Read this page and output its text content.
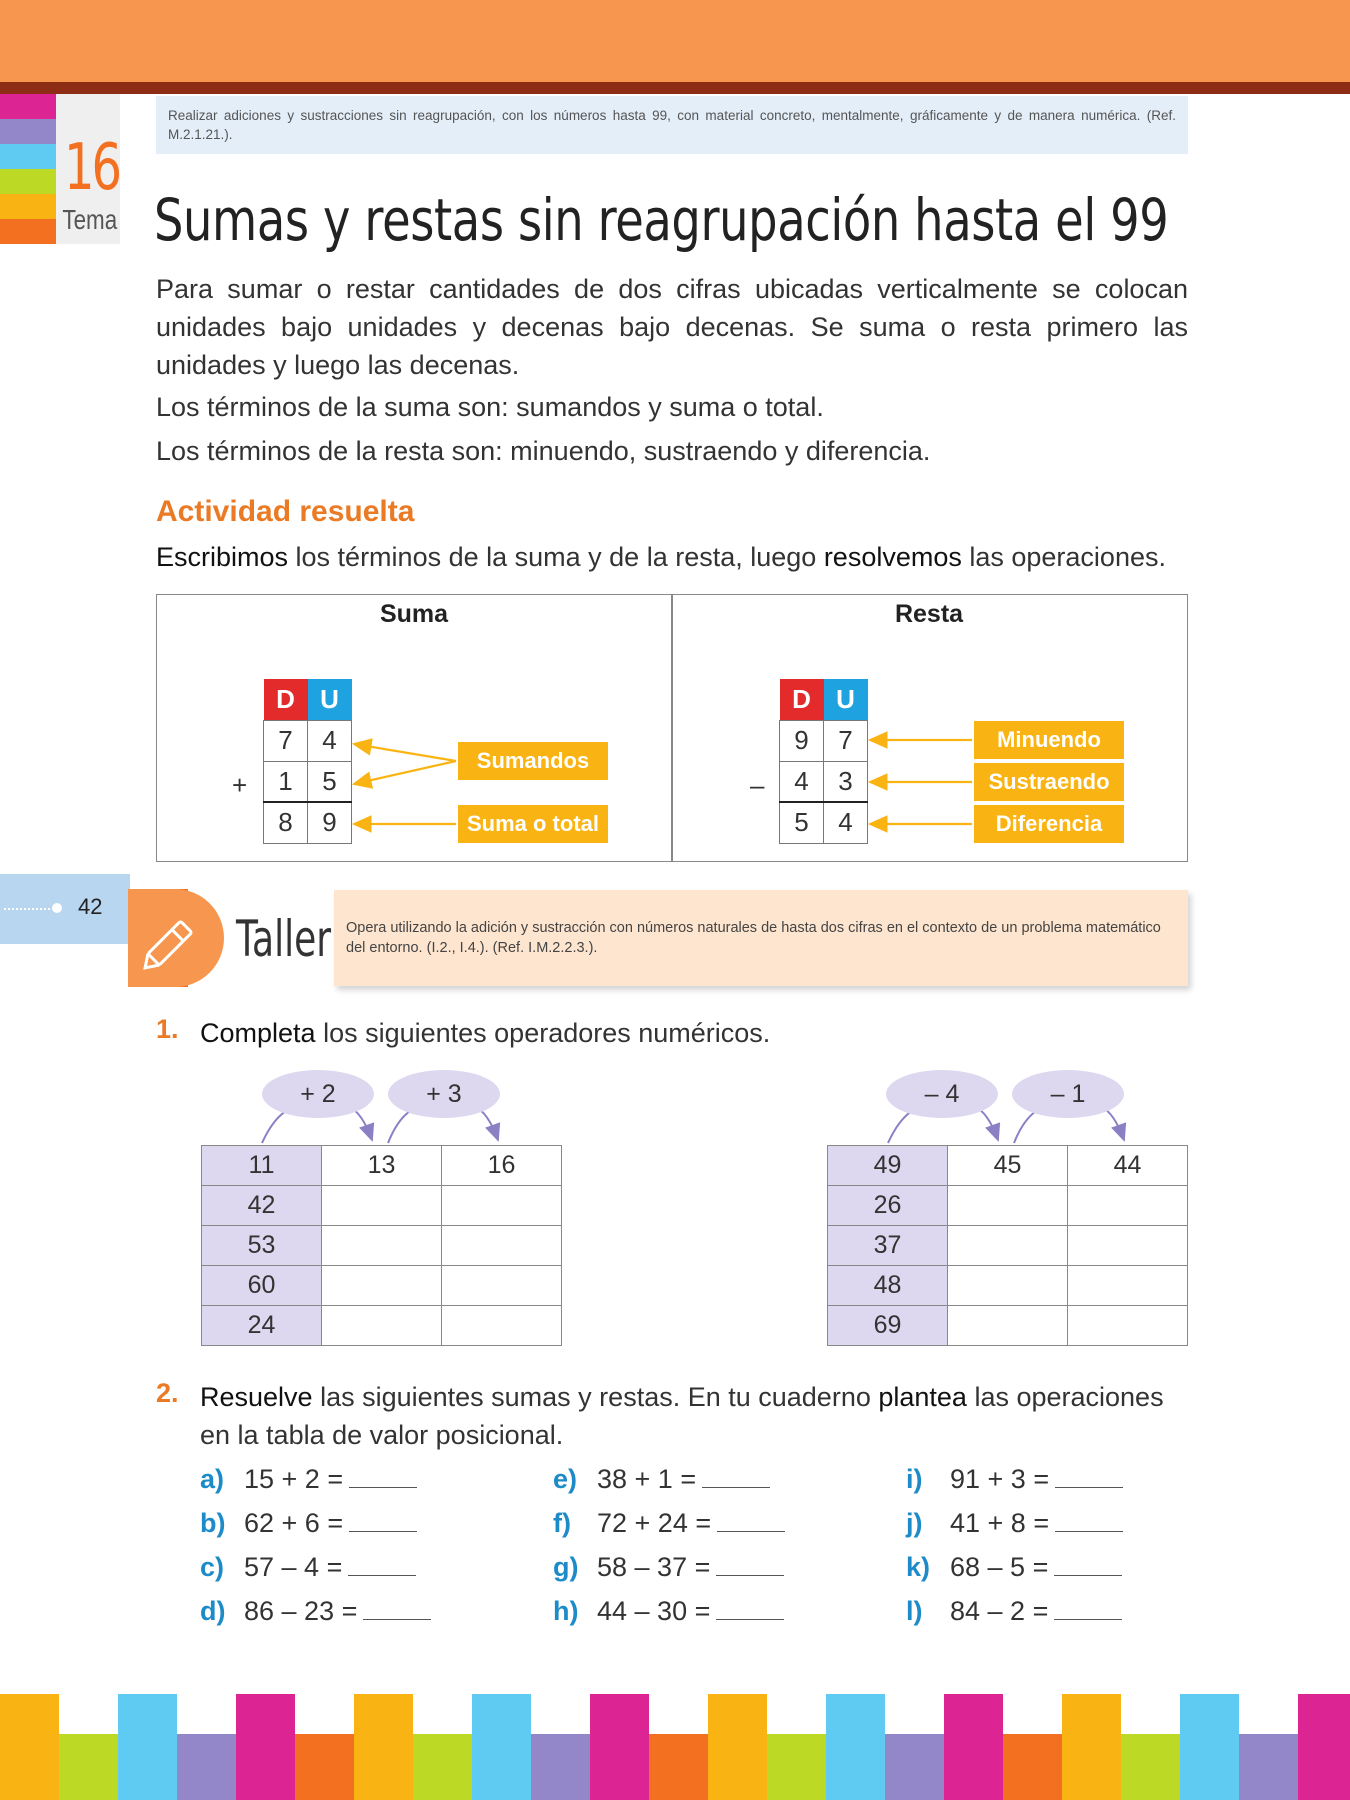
16
Tema
Realizar adiciones y sustracciones sin reagrupación, con los números hasta 99, con material concreto, mentalmente, gráficamente y de manera numérica. (Ref. M.2.1.21.).
Sumas y restas sin reagrupación hasta el 99
Para sumar o restar cantidades de dos cifras ubicadas verticalmente se colocan unidades bajo unidades y decenas bajo decenas. Se suma o resta primero las unidades y luego las decenas.
Los términos de la suma son: sumandos y suma o total.
Los términos de la resta son: minuendo, sustraendo y diferencia.
Actividad resuelta
Escribimos los términos de la suma y de la resta, luego resolvemos las operaciones.
Suma	Resta
D	U
7	4
1	5
8	9
+
Sumandos
Suma o total
D	U
9	7
4	3
5	4
–
Minuendo
Sustraendo
Diferencia
42
Taller	Opera utilizando la adición y sustracción con números naturales de hasta dos cifras en el contexto de un problema matemático del entorno. (I.2., I.4.). (Ref. I.M.2.2.3.).
1. Completa los siguientes operadores numéricos.
+ 2	+ 3	– 4	– 1
11	13	16
42		
53		
60		
24		
49	45	44
26		
37		
48		
69		
2. Resuelve las siguientes sumas y restas. En tu cuaderno plantea las operaciones
en la tabla de valor posicional.
a) 15 + 2 =
b) 62 + 6 =
c) 57 – 4 =
d) 86 – 23 =
e) 38 + 1 =
f) 72 + 24 =
g) 58 – 37 =
h) 44 – 30 =
i) 91 + 3 =
j) 41 + 8 =
k) 68 – 5 =
l) 84 – 2 =
